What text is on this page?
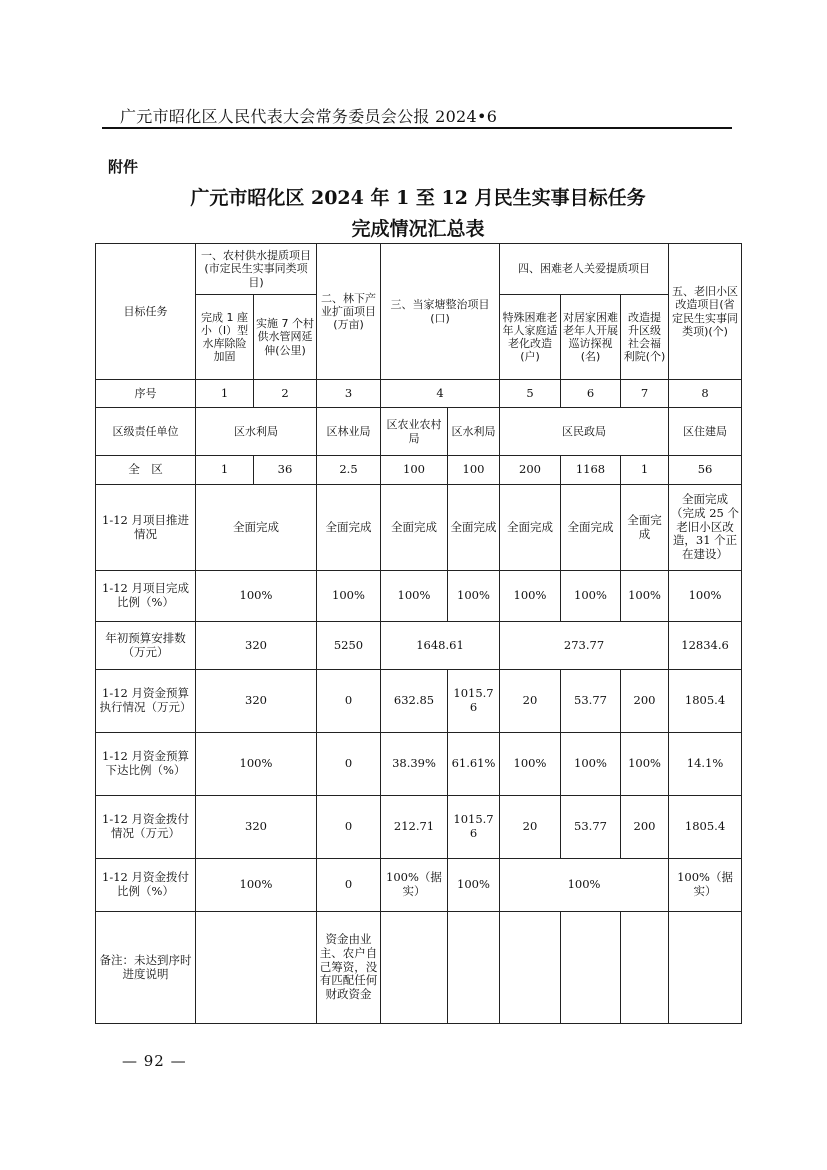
广元市昭化区人民代表大会常务委员会公报 2024•6
附件
广元市昭化区 2024 年 1 至 12 月民生实事目标任务
完成情况汇总表
目标任务	一、农村供水提质项目(市定民生实事同类项目)		二、林下产业扩面项目(万亩)	三、当家塘整治项目(口)		四、困难老人关爱提质项目			五、老旧小区改造项目(省定民生实事同类项)(个)
	完成 1 座小（I）型水库除险加固	实施 7 个村供水管网延伸(公里)				特殊困难老年人家庭适老化改造(户)	对居家困难老年人开展巡访探视(名)	改造提升区级社会福利院(个)	
序号	1	2	3	4		5	6	7	8
区级责任单位	区水利局		区林业局	区农业农村局	区水利局	区民政局			区住建局
全　区	1	36	2.5	100	100	200	1168	1	56
1-12 月项目推进情况	全面完成		全面完成	全面完成	全面完成	全面完成	全面完成	全面完成	全面完成（完成 25 个老旧小区改造，31 个正在建设）
1-12 月项目完成比例（%）	100%		100%	100%	100%	100%	100%	100%	100%
年初预算安排数（万元）	320		5250	1648.61		273.77			12834.6
1-12 月资金预算执行情况（万元）	320		0	632.85	1015.76	20	53.77	200	1805.4
1-12 月资金预算下达比例（%）	100%		0	38.39%	61.61%	100%	100%	100%	14.1%
1-12 月资金拨付情况（万元）	320		0	212.71	1015.76	20	53.77	200	1805.4
1-12 月资金拨付比例（%）	100%		0	100%（据实）	100%	100%			100%（据实）
备注：未达到序时进度说明			资金由业主、农户自己筹资，没有匹配任何财政资金						
— 92 —
